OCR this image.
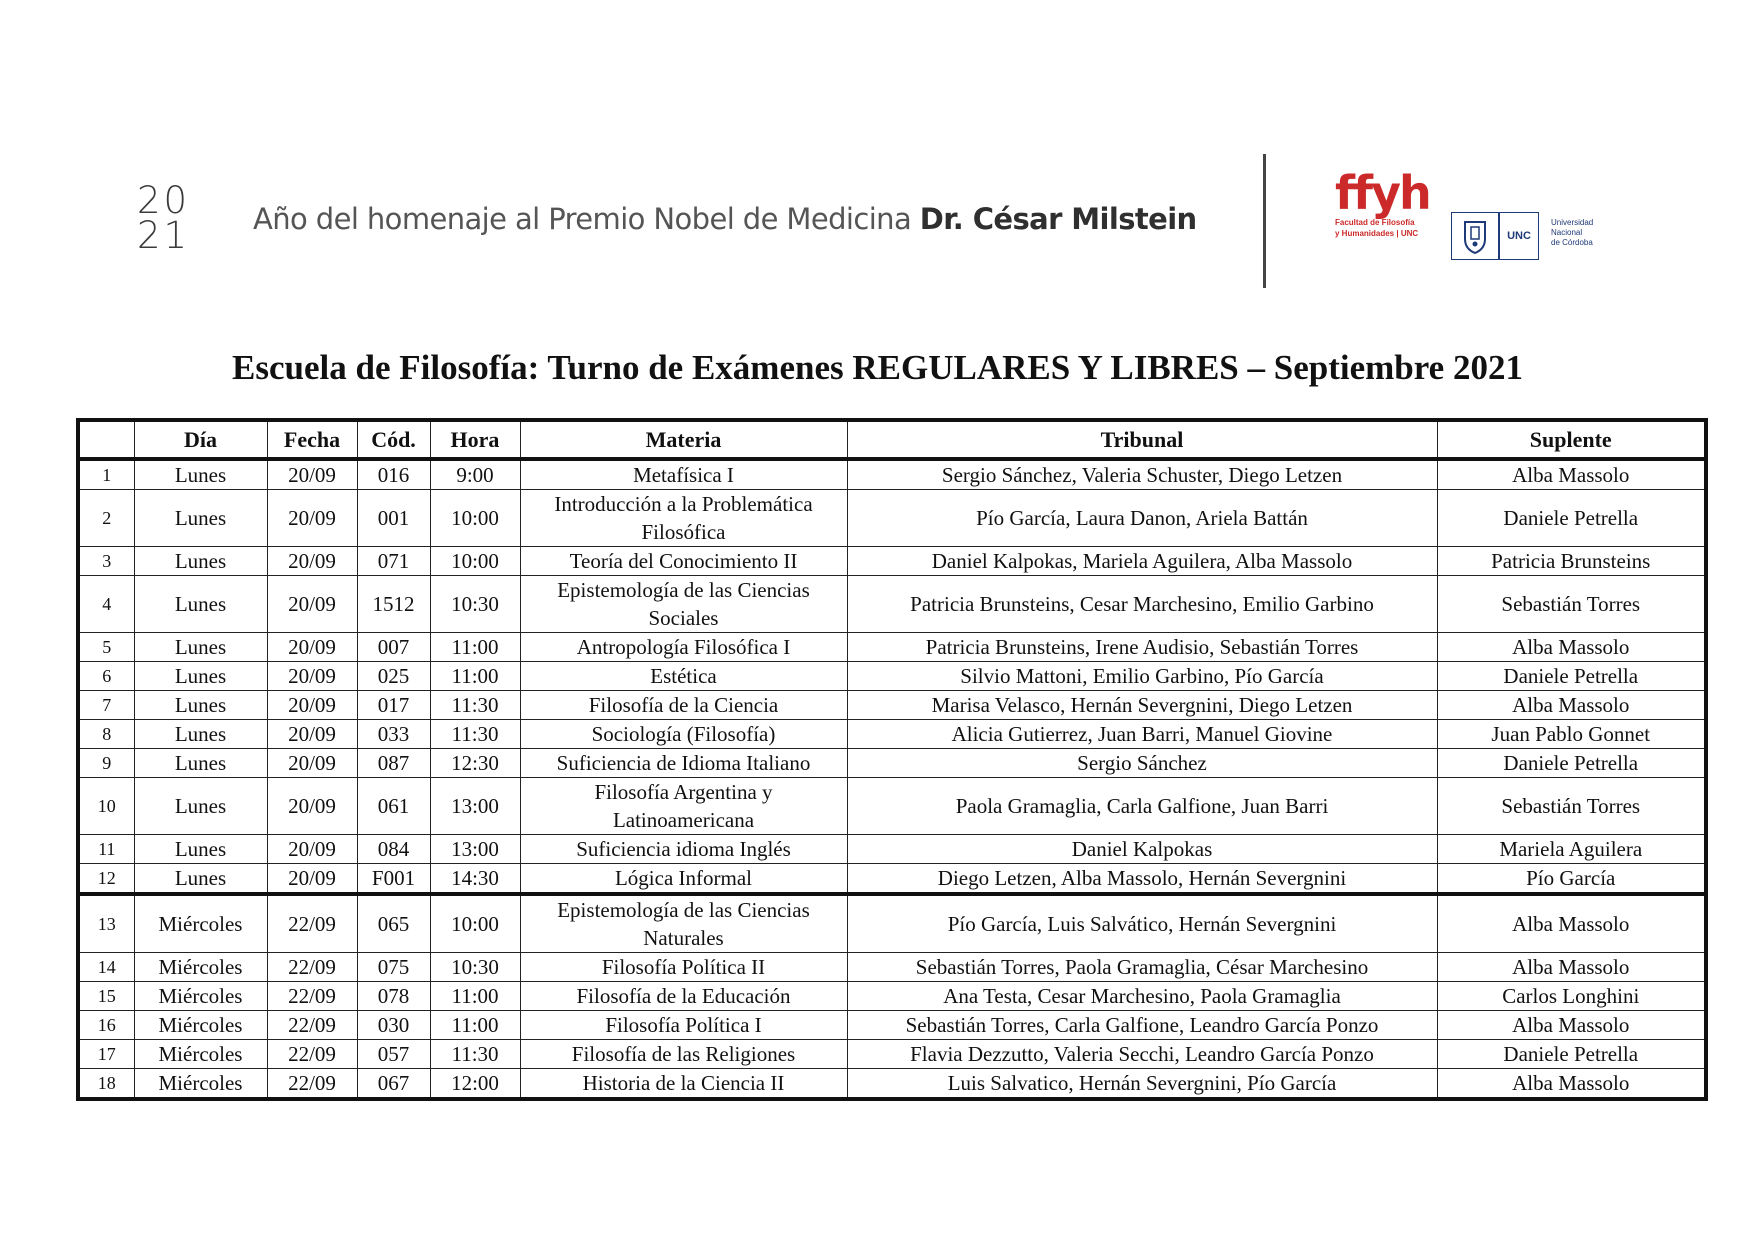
20
21 Año del homenaje al Premio Nobel de Medicina Dr. César Milstein	ffyh
Facultad de Filosofía
y Humanidades | UNC	UNC
Universidad
Nacional
de Córdoba
Escuela de Filosofía: Turno de Exámenes REGULARES Y LIBRES – Septiembre 2021
	Día	Fecha	Cód.	Hora	Materia	Tribunal	Suplente
1	Lunes	20/09	016	9:00	Metafísica I	Sergio Sánchez, Valeria Schuster, Diego Letzen	Alba Massolo
2	Lunes	20/09	001	10:00	Introducción a la Problemática Filosófica	Pío García, Laura Danon, Ariela Battán	Daniele Petrella
3	Lunes	20/09	071	10:00	Teoría del Conocimiento II	Daniel Kalpokas, Mariela Aguilera, Alba Massolo	Patricia Brunsteins
4	Lunes	20/09	1512	10:30	Epistemología de las Ciencias Sociales	Patricia Brunsteins, Cesar Marchesino, Emilio Garbino	Sebastián Torres
5	Lunes	20/09	007	11:00	Antropología Filosófica I	Patricia Brunsteins, Irene Audisio, Sebastián Torres	Alba Massolo
6	Lunes	20/09	025	11:00	Estética	Silvio Mattoni, Emilio Garbino, Pío García	Daniele Petrella
7	Lunes	20/09	017	11:30	Filosofía de la Ciencia	Marisa Velasco, Hernán Severgnini, Diego Letzen	Alba Massolo
8	Lunes	20/09	033	11:30	Sociología (Filosofía)	Alicia Gutierrez, Juan Barri, Manuel Giovine	Juan Pablo Gonnet
9	Lunes	20/09	087	12:30	Suficiencia de Idioma Italiano	Sergio Sánchez	Daniele Petrella
10	Lunes	20/09	061	13:00	Filosofía Argentina y Latinoamericana	Paola Gramaglia, Carla Galfione, Juan Barri	Sebastián Torres
11	Lunes	20/09	084	13:00	Suficiencia idioma Inglés	Daniel Kalpokas	Mariela Aguilera
12	Lunes	20/09	F001	14:30	Lógica Informal	Diego Letzen, Alba Massolo, Hernán Severgnini	Pío García
13	Miércoles	22/09	065	10:00	Epistemología de las Ciencias Naturales	Pío García, Luis Salvático, Hernán Severgnini	Alba Massolo
14	Miércoles	22/09	075	10:30	Filosofía Política II	Sebastián Torres, Paola Gramaglia, César Marchesino	Alba Massolo
15	Miércoles	22/09	078	11:00	Filosofía de la Educación	Ana Testa, Cesar Marchesino, Paola Gramaglia	Carlos Longhini
16	Miércoles	22/09	030	11:00	Filosofía Política I	Sebastián Torres, Carla Galfione, Leandro García Ponzo	Alba Massolo
17	Miércoles	22/09	057	11:30	Filosofía de las Religiones	Flavia Dezzutto, Valeria Secchi, Leandro García Ponzo	Daniele Petrella
18	Miércoles	22/09	067	12:00	Historia de la Ciencia II	Luis Salvatico, Hernán Severgnini, Pío García	Alba Massolo
